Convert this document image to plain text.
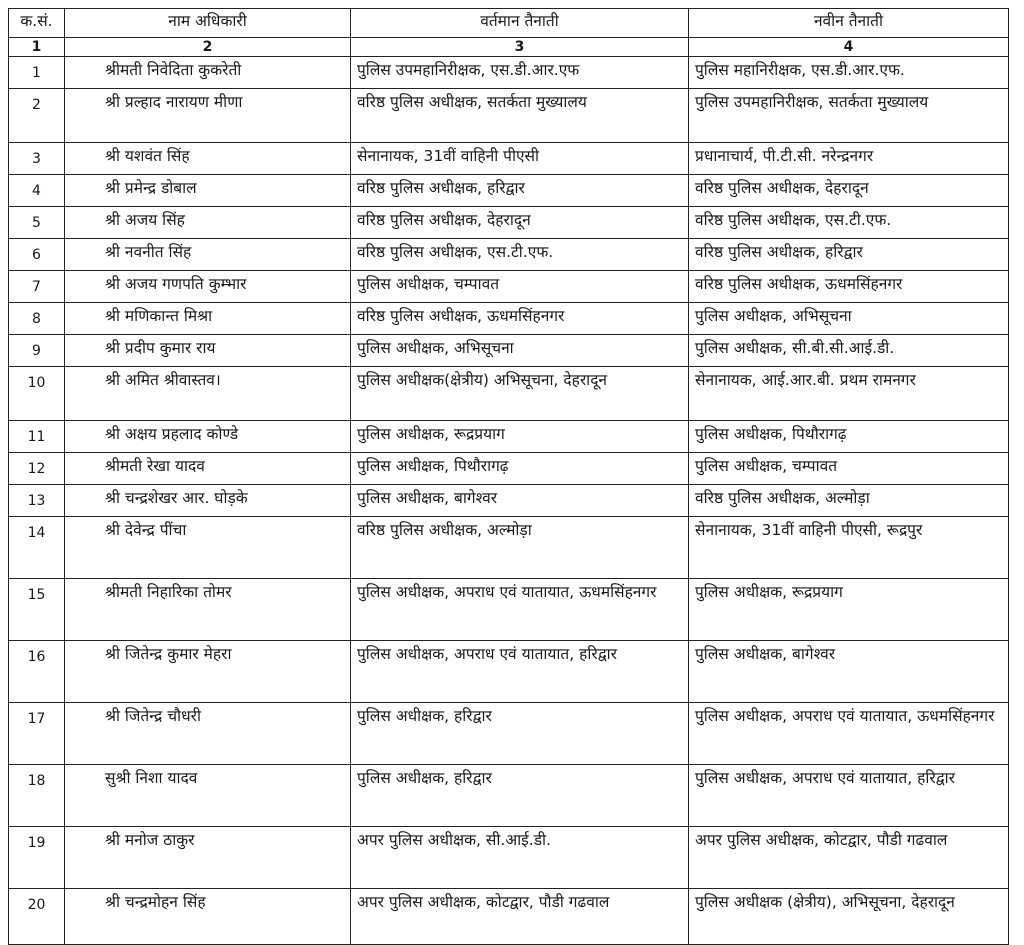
क.सं.	नाम अधिकारी	वर्तमान तैनाती	नवीन तैनाती
1	2	3	4
1	श्रीमती निवेदिता कुकरेती	पुलिस उपमहानिरीक्षक, एस.डी.आर.एफ	पुलिस महानिरीक्षक, एस.डी.आर.एफ.
2	श्री प्रल्हाद नारायण मीणा	वरिष्ठ पुलिस अधीक्षक, सतर्कता मुख्यालय	पुलिस उपमहानिरीक्षक, सतर्कता मुख्यालय
3	श्री यशवंत सिंह	सेनानायक, 31वीं वाहिनी पीएसी	प्रधानाचार्य, पी.टी.सी. नरेन्द्रनगर
4	श्री प्रमेन्द्र डोबाल	वरिष्ठ पुलिस अधीक्षक, हरिद्वार	वरिष्ठ पुलिस अधीक्षक, देहरादून
5	श्री अजय सिंह	वरिष्ठ पुलिस अधीक्षक, देहरादून	वरिष्ठ पुलिस अधीक्षक, एस.टी.एफ.
6	श्री नवनीत सिंह	वरिष्ठ पुलिस अधीक्षक, एस.टी.एफ.	वरिष्ठ पुलिस अधीक्षक, हरिद्वार
7	श्री अजय गणपति कुम्भार	पुलिस अधीक्षक, चम्पावत	वरिष्ठ पुलिस अधीक्षक, ऊधमसिंहनगर
8	श्री मणिकान्त मिश्रा	वरिष्ठ पुलिस अधीक्षक, ऊधमसिंहनगर	पुलिस अधीक्षक, अभिसूचना
9	श्री प्रदीप कुमार राय	पुलिस अधीक्षक, अभिसूचना	पुलिस अधीक्षक, सी.बी.सी.आई.डी.
10	श्री अमित श्रीवास्तव।	पुलिस अधीक्षक(क्षेत्रीय) अभिसूचना, देहरादून	सेनानायक, आई.आर.बी. प्रथम रामनगर
11	श्री अक्षय प्रहलाद कोण्डे	पुलिस अधीक्षक, रूद्रप्रयाग	पुलिस अधीक्षक, पिथौरागढ़
12	श्रीमती रेखा यादव	पुलिस अधीक्षक, पिथौरागढ़	पुलिस अधीक्षक, चम्पावत
13	श्री चन्द्रशेखर आर. घोड़के	पुलिस अधीक्षक, बागेश्वर	वरिष्ठ पुलिस अधीक्षक, अल्मोड़ा
14	श्री देवेन्द्र पींचा	वरिष्ठ पुलिस अधीक्षक, अल्मोड़ा	सेनानायक, 31वीं वाहिनी पीएसी, रूद्रपुर
15	श्रीमती निहारिका तोमर	पुलिस अधीक्षक, अपराध एवं यातायात, ऊधमसिंहनगर	पुलिस अधीक्षक, रूद्रप्रयाग
16	श्री जितेन्द्र कुमार मेहरा	पुलिस अधीक्षक, अपराध एवं यातायात, हरिद्वार	पुलिस अधीक्षक, बागेश्वर
17	श्री जितेन्द्र चौधरी	पुलिस अधीक्षक, हरिद्वार	पुलिस अधीक्षक, अपराध एवं यातायात, ऊधमसिंहनगर
18	सुश्री निशा यादव	पुलिस अधीक्षक, हरिद्वार	पुलिस अधीक्षक, अपराध एवं यातायात, हरिद्वार
19	श्री मनोज ठाकुर	अपर पुलिस अधीक्षक, सी.आई.डी.	अपर पुलिस अधीक्षक, कोटद्वार, पौडी गढवाल
20	श्री चन्द्रमोहन सिंह	अपर पुलिस अधीक्षक, कोटद्वार, पौडी गढवाल	पुलिस अधीक्षक (क्षेत्रीय), अभिसूचना, देहरादून
